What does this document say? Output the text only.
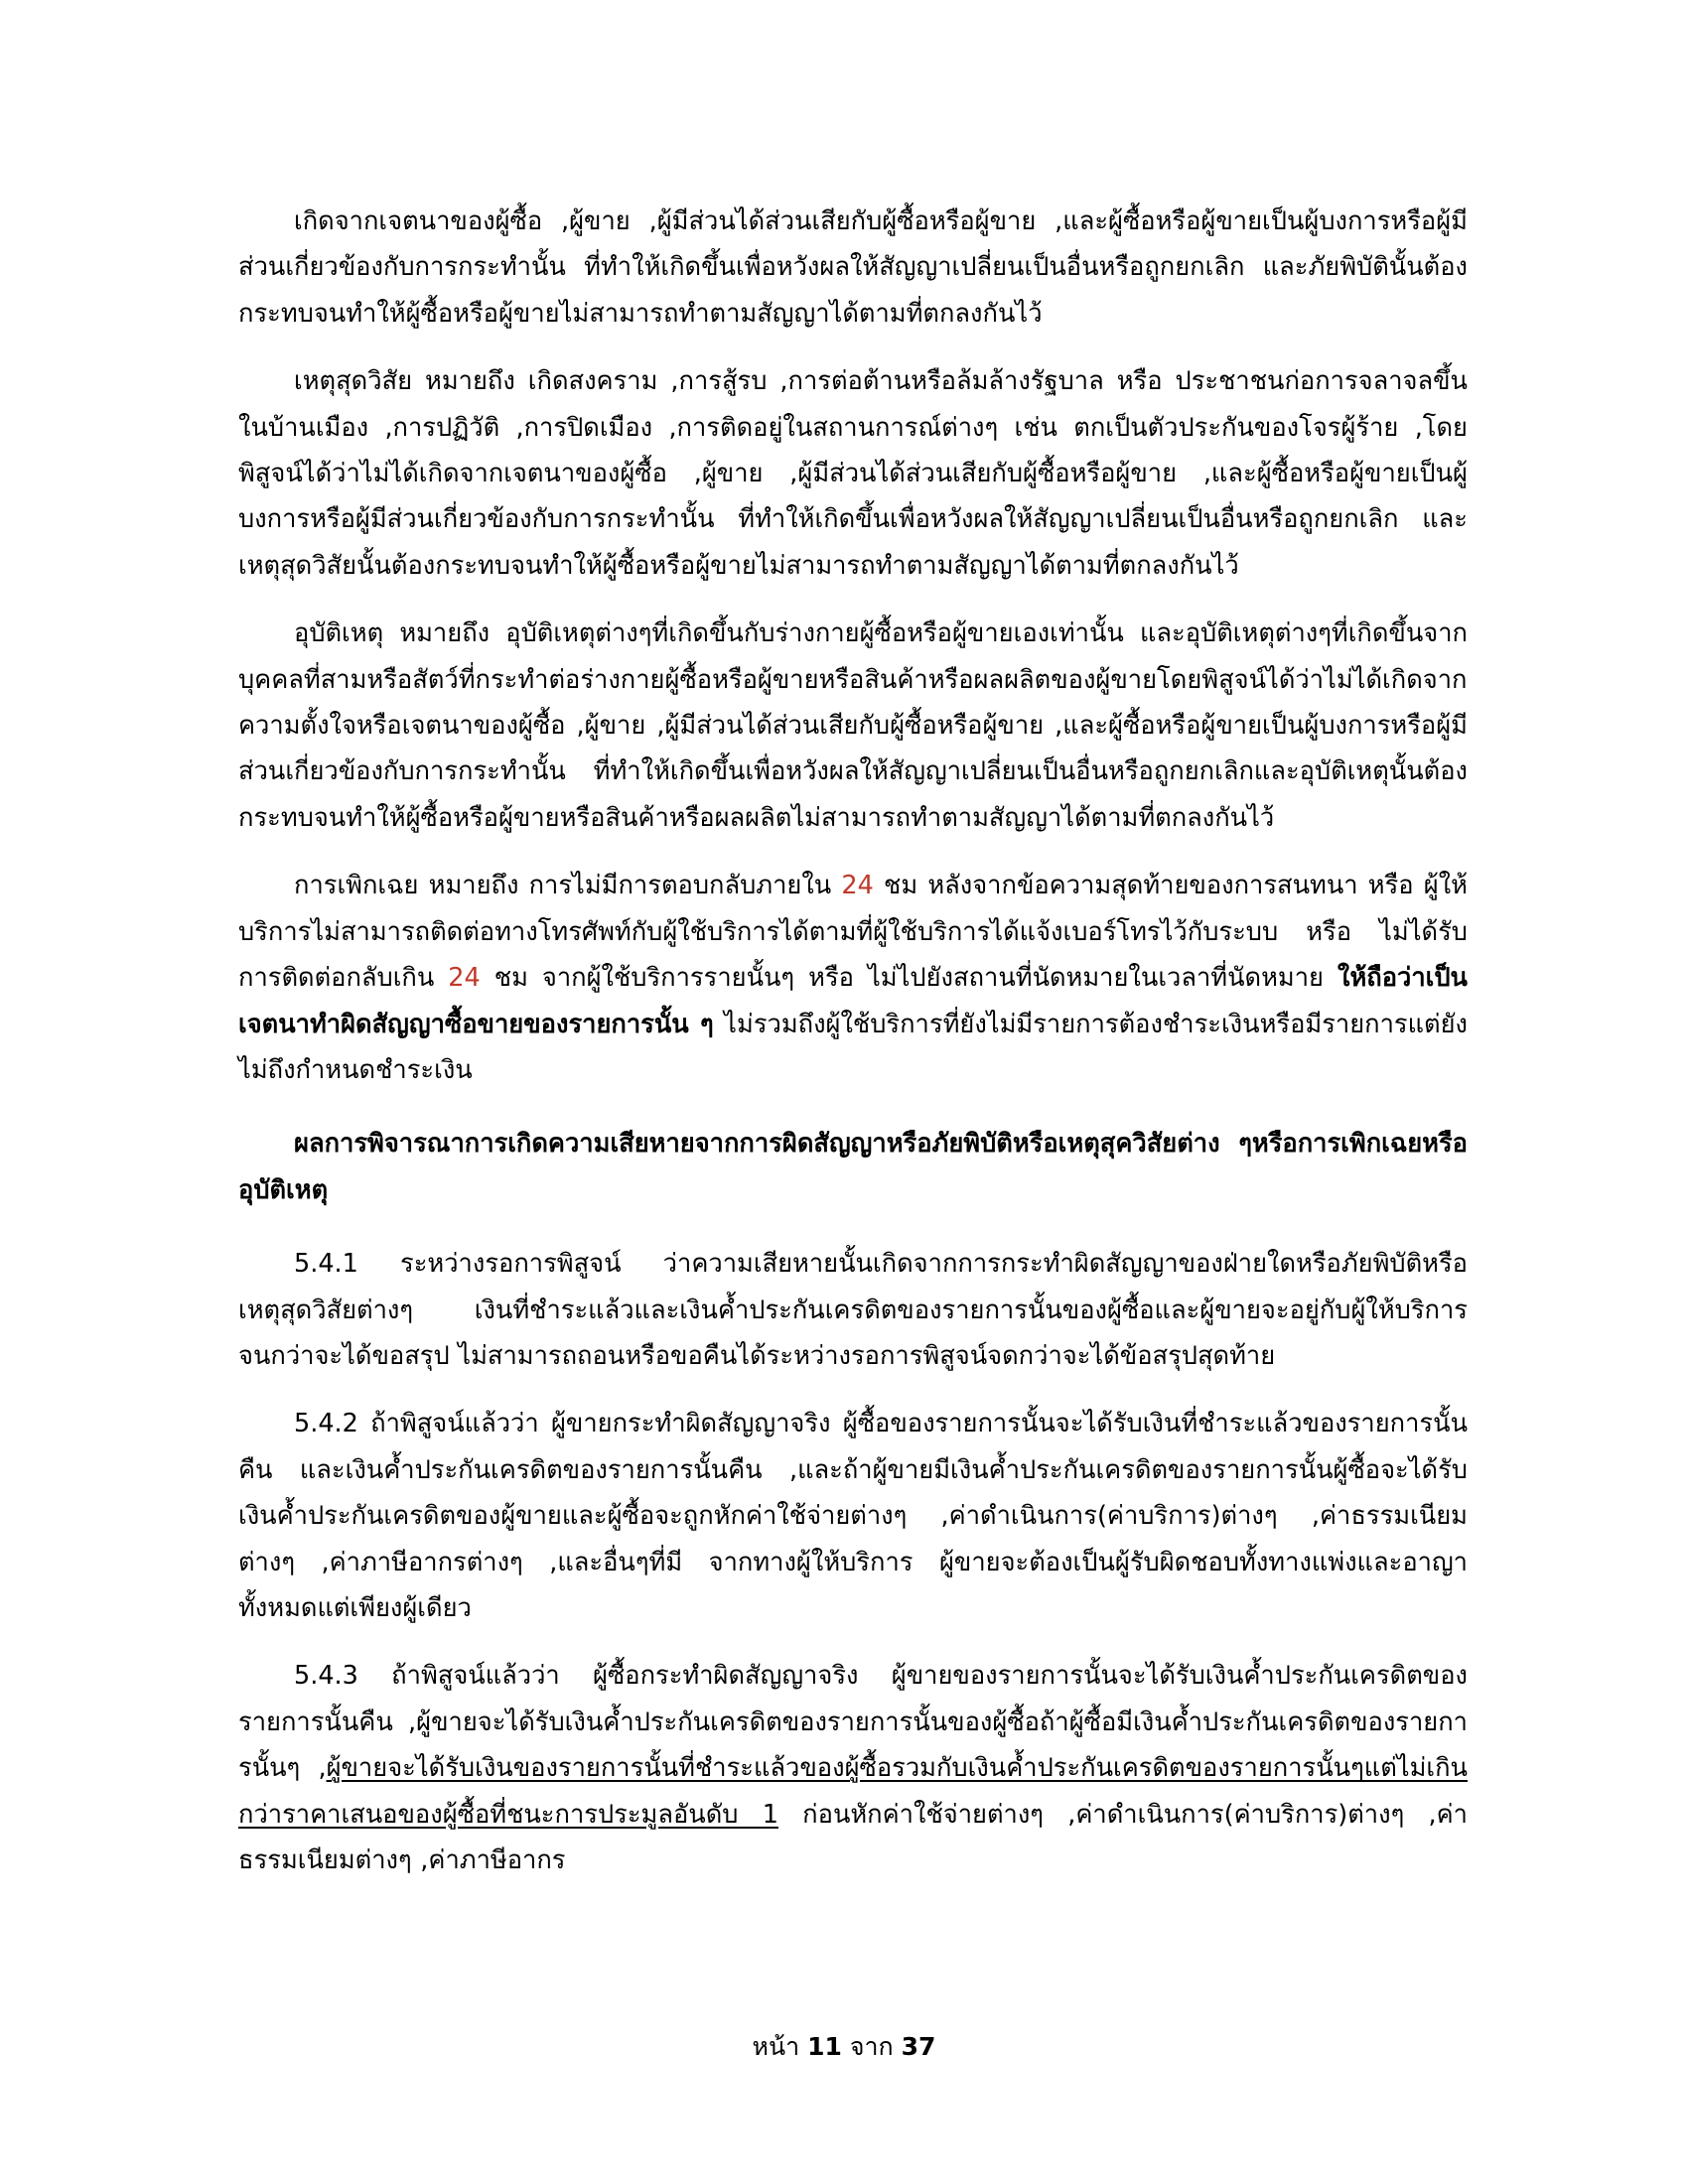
เกิดจากเจตนาของผู้ซื้อ ,ผู้ขาย ,ผู้มีส่วนได้ส่วนเสียกับผู้ซื้อหรือผู้ขาย ,และผู้ซื้อหรือผู้ขายเป็นผู้บงการหรือผู้มีส่วนเกี่ยวข้องกับการกระทำนั้น ที่ทำให้เกิดขึ้นเพื่อหวังผลให้สัญญาเปลี่ยนเป็นอื่นหรือถูกยกเลิก และภัยพิบัตินั้นต้องกระทบจนทำให้ผู้ซื้อหรือผู้ขายไม่สามารถทำตามสัญญาได้ตามที่ตกลงกันไว้

เหตุสุดวิสัย หมายถึง เกิดสงคราม ,การสู้รบ ,การต่อต้านหรือล้มล้างรัฐบาล หรือ ประชาชนก่อการจลาจลขึ้นในบ้านเมือง ,การปฏิวัติ ,การปิดเมือง ,การติดอยู่ในสถานการณ์ต่างๆ เช่น ตกเป็นตัวประกันของโจรผู้ร้าย ,โดยพิสูจน์ได้ว่าไม่ได้เกิดจากเจตนาของผู้ซื้อ ,ผู้ขาย ,ผู้มีส่วนได้ส่วนเสียกับผู้ซื้อหรือผู้ขาย ,และผู้ซื้อหรือผู้ขายเป็นผู้บงการหรือผู้มีส่วนเกี่ยวข้องกับการกระทำนั้น ที่ทำให้เกิดขึ้นเพื่อหวังผลให้สัญญาเปลี่ยนเป็นอื่นหรือถูกยกเลิก และเหตุสุดวิสัยนั้นต้องกระทบจนทำให้ผู้ซื้อหรือผู้ขายไม่สามารถทำตามสัญญาได้ตามที่ตกลงกันไว้

อุบัติเหตุ หมายถึง อุบัติเหตุต่างๆที่เกิดขึ้นกับร่างกายผู้ซื้อหรือผู้ขายเองเท่านั้น และอุบัติเหตุต่างๆที่เกิดขึ้นจากบุคคลที่สามหรือสัตว์ที่กระทำต่อร่างกายผู้ซื้อหรือผู้ขายหรือสินค้าหรือผลผลิตของผู้ขายโดยพิสูจน์ได้ว่าไม่ได้เกิดจากความตั้งใจหรือเจตนาของผู้ซื้อ ,ผู้ขาย ,ผู้มีส่วนได้ส่วนเสียกับผู้ซื้อหรือผู้ขาย ,และผู้ซื้อหรือผู้ขายเป็นผู้บงการหรือผู้มีส่วนเกี่ยวข้องกับการกระทำนั้น ที่ทำให้เกิดขึ้นเพื่อหวังผลให้สัญญาเปลี่ยนเป็นอื่นหรือถูกยกเลิกและอุบัติเหตุนั้นต้องกระทบจนทำให้ผู้ซื้อหรือผู้ขายหรือสินค้าหรือผลผลิตไม่สามารถทำตามสัญญาได้ตามที่ตกลงกันไว้

การเพิกเฉย หมายถึง การไม่มีการตอบกลับภายใน 24 ชม หลังจากข้อความสุดท้ายของการสนทนา หรือ ผู้ให้บริการไม่สามารถติดต่อทางโทรศัพท์กับผู้ใช้บริการได้ตามที่ผู้ใช้บริการได้แจ้งเบอร์โทรไว้กับระบบ หรือ ไม่ได้รับการติดต่อกลับเกิน 24 ชม จากผู้ใช้บริการรายนั้นๆ หรือ ไม่ไปยังสถานที่นัดหมายในเวลาที่นัดหมาย ให้ถือว่าเป็นเจตนาทำผิดสัญญาซื้อขายของรายการนั้น ๆ ไม่รวมถึงผู้ใช้บริการที่ยังไม่มีรายการต้องชำระเงินหรือมีรายการแต่ยังไม่ถึงกำหนดชำระเงิน

ผลการพิจารณาการเกิดความเสียหายจากการผิดสัญญาหรือภัยพิบัติหรือเหตุสุควิสัยต่าง ๆหรือการเพิกเฉยหรืออุบัติเหตุ

5.4.1 ระหว่างรอการพิสูจน์ ว่าความเสียหายนั้นเกิดจากการกระทำผิดสัญญาของฝ่ายใดหรือภัยพิบัติหรือเหตุสุดวิสัยต่างๆ เงินที่ชำระแล้วและเงินค้ำประกันเครดิตของรายการนั้นของผู้ซื้อและผู้ขายจะอยู่กับผู้ให้บริการจนกว่าจะได้ขอสรุป ไม่สามารถถอนหรือขอคืนได้ระหว่างรอการพิสูจน์จดกว่าจะได้ข้อสรุปสุดท้าย

5.4.2 ถ้าพิสูจน์แล้วว่า ผู้ขายกระทำผิดสัญญาจริง ผู้ซื้อของรายการนั้นจะได้รับเงินที่ชำระแล้วของรายการนั้นคืน และเงินค้ำประกันเครดิตของรายการนั้นคืน ,และถ้าผู้ขายมีเงินค้ำประกันเครดิตของรายการนั้นผู้ซื้อจะได้รับเงินค้ำประกันเครดิตของผู้ขายและผู้ซื้อจะถูกหักค่าใช้จ่ายต่างๆ ,ค่าดำเนินการ(ค่าบริการ)ต่างๆ ,ค่าธรรมเนียมต่างๆ ,ค่าภาษีอากรต่างๆ ,และอื่นๆที่มี จากทางผู้ให้บริการ ผู้ขายจะต้องเป็นผู้รับผิดชอบทั้งทางแพ่งและอาญาทั้งหมดแต่เพียงผู้เดียว

5.4.3 ถ้าพิสูจน์แล้วว่า ผู้ซื้อกระทำผิดสัญญาจริง ผู้ขายของรายการนั้นจะได้รับเงินค้ำประกันเครดิตของรายการนั้นคืน ,ผู้ขายจะได้รับเงินค้ำประกันเครดิตของรายการนั้นของผู้ซื้อถ้าผู้ซื้อมีเงินค้ำประกันเครดิตของรายการนั้นๆ ,ผู้ขายจะได้รับเงินของรายการนั้นที่ชำระแล้วของผู้ซื้อรวมกับเงินค้ำประกันเครดิตของรายการนั้นๆแต่ไม่เกินกว่าราคาเสนอของผู้ซื้อที่ชนะการประมูลอันดับ 1 ก่อนหักค่าใช้จ่ายต่างๆ ,ค่าดำเนินการ(ค่าบริการ)ต่างๆ ,ค่าธรรมเนียมต่างๆ ,ค่าภาษีอากร

หน้า 11 จาก 37
